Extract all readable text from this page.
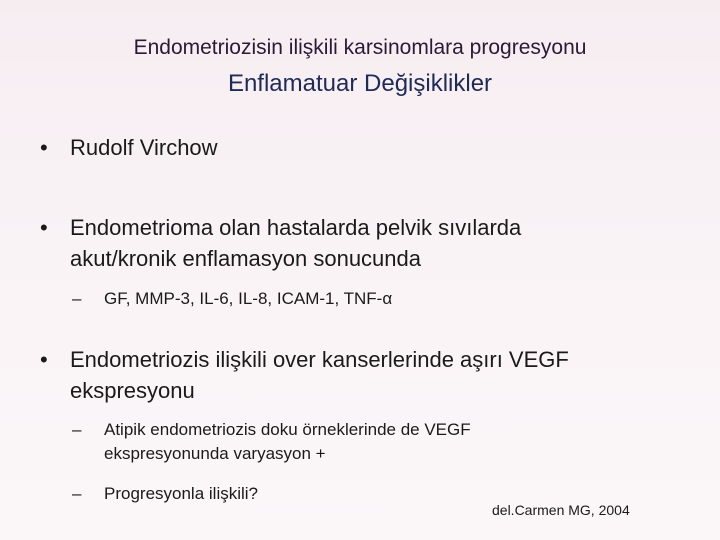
Endometriozisin ilişkili karsinomlara progresyonu
Enflamatuar Değişiklikler
• Rudolf Virchow
• Endometrioma olan hastalarda pelvik sıvılarda akut/kronik enflamasyon sonucunda
– GF, MMP-3, IL-6, IL-8, ICAM-1, TNF-α
• Endometriozis ilişkili over kanserlerinde aşırı VEGF ekspresyonu
– Atipik endometriozis doku örneklerinde de VEGF ekspresyonunda varyasyon +
– Progresyonla ilişkili?
del.Carmen MG, 2004
